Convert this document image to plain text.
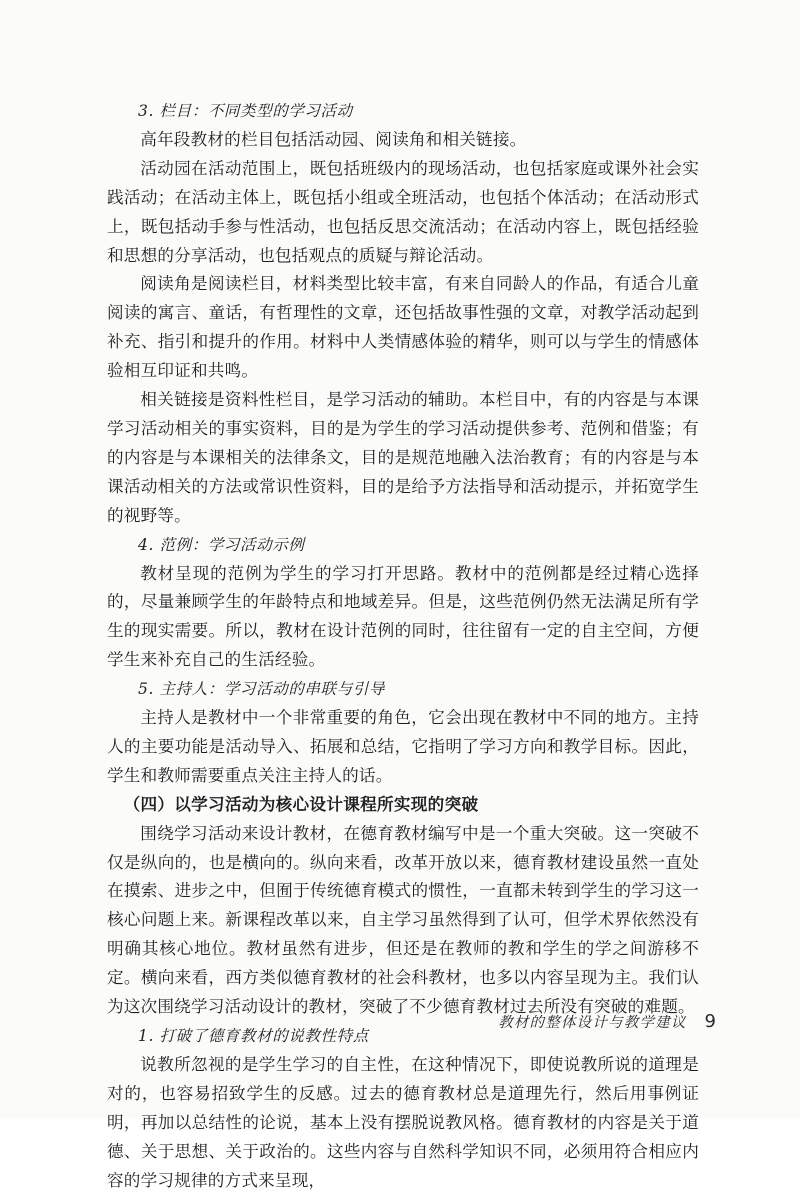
3. 栏目：不同类型的学习活动

高年段教材的栏目包括活动园、阅读角和相关链接。

活动园在活动范围上，既包括班级内的现场活动，也包括家庭或课外社会实践活动；在活动主体上，既包括小组或全班活动，也包括个体活动；在活动形式上，既包括动手参与性活动，也包括反思交流活动；在活动内容上，既包括经验和思想的分享活动，也包括观点的质疑与辩论活动。

阅读角是阅读栏目，材料类型比较丰富，有来自同龄人的作品，有适合儿童阅读的寓言、童话，有哲理性的文章，还包括故事性强的文章，对教学活动起到补充、指引和提升的作用。材料中人类情感体验的精华，则可以与学生的情感体验相互印证和共鸣。

相关链接是资料性栏目，是学习活动的辅助。本栏目中，有的内容是与本课学习活动相关的事实资料，目的是为学生的学习活动提供参考、范例和借鉴；有的内容是与本课相关的法律条文，目的是规范地融入法治教育；有的内容是与本课活动相关的方法或常识性资料，目的是给予方法指导和活动提示，并拓宽学生的视野等。

4. 范例：学习活动示例

教材呈现的范例为学生的学习打开思路。教材中的范例都是经过精心选择的，尽量兼顾学生的年龄特点和地域差异。但是，这些范例仍然无法满足所有学生的现实需要。所以，教材在设计范例的同时，往往留有一定的自主空间，方便学生来补充自己的生活经验。

5. 主持人：学习活动的串联与引导

主持人是教材中一个非常重要的角色，它会出现在教材中不同的地方。主持人的主要功能是活动导入、拓展和总结，它指明了学习方向和教学目标。因此，学生和教师需要重点关注主持人的话。

（四）以学习活动为核心设计课程所实现的突破

围绕学习活动来设计教材，在德育教材编写中是一个重大突破。这一突破不仅是纵向的，也是横向的。纵向来看，改革开放以来，德育教材建设虽然一直处在摸索、进步之中，但囿于传统德育模式的惯性，一直都未转到学生的学习这一核心问题上来。新课程改革以来，自主学习虽然得到了认可，但学术界依然没有明确其核心地位。教材虽然有进步，但还是在教师的教和学生的学之间游移不定。横向来看，西方类似德育教材的社会科教材，也多以内容呈现为主。我们认为这次围绕学习活动设计的教材，突破了不少德育教材过去所没有突破的难题。

1. 打破了德育教材的说教性特点

说教所忽视的是学生学习的自主性，在这种情况下，即使说教所说的道理是对的，也容易招致学生的反感。过去的德育教材总是道理先行，然后用事例证明，再加以总结性的论说，基本上没有摆脱说教风格。德育教材的内容是关于道德、关于思想、关于政治的。这些内容与自然科学知识不同，必须用符合相应内容的学习规律的方式来呈现，

教材的整体设计与教学建议 9
